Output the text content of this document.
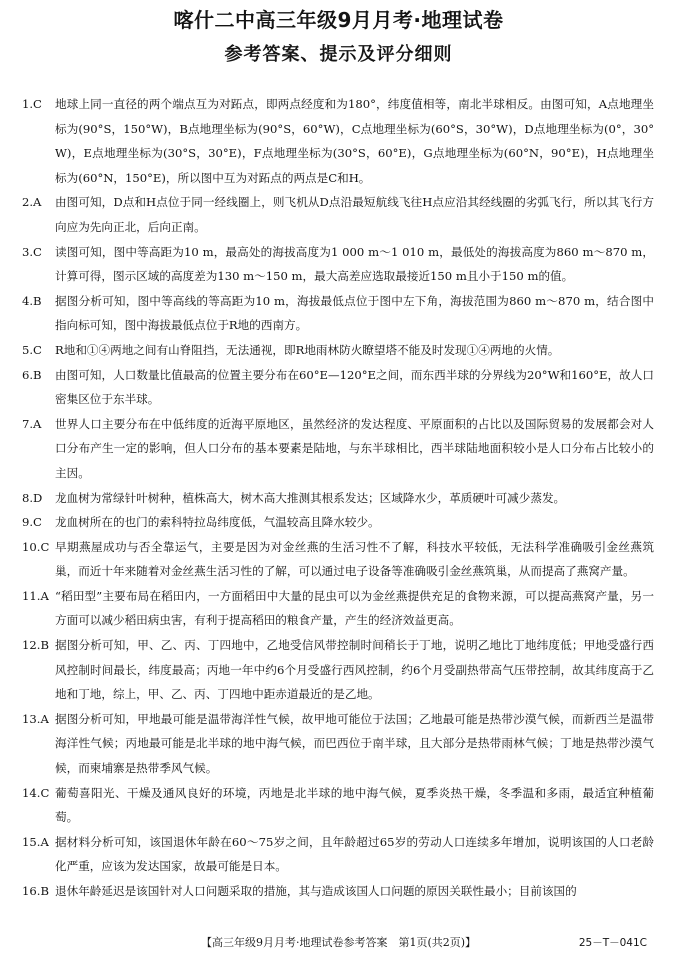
喀什二中高三年级9月月考·地理试卷
参考答案、提示及评分细则
1.C 地球上同一直径的两个端点互为对跖点，即两点经度和为180°，纬度值相等，南北半球相反。由图可知，A点地理坐标为(90°S，150°W)，B点地理坐标为(90°S，60°W)，C点地理坐标为(60°S，30°W)，D点地理坐标为(0°，30°W)，E点地理坐标为(30°S，30°E)，F点地理坐标为(30°S，60°E)，G点地理坐标为(60°N，90°E)，H点地理坐标为(60°N，150°E)，所以图中互为对跖点的两点是C和H。
2.A 由图可知，D点和H点位于同一经线圈上，则飞机从D点沿最短航线飞往H点应沿其经线圈的劣弧飞行，所以其飞行方向应为先向正北，后向正南。
3.C 读图可知，图中等高距为10 m，最高处的海拔高度为1 000 m～1 010 m，最低处的海拔高度为860 m～870 m，计算可得，图示区域的高度差为130 m～150 m，最大高差应选取最接近150 m且小于150 m的值。
4.B 据图分析可知，图中等高线的等高距为10 m，海拔最低点位于图中左下角，海拔范围为860 m～870 m，结合图中指向标可知，图中海拔最低点位于R地的西南方。
5.C R地和①④两地之间有山脊阻挡，无法通视，即R地雨林防火瞭望塔不能及时发现①④两地的火情。
6.B 由图可知，人口数量比值最高的位置主要分布在60°E—120°E之间，而东西半球的分界线为20°W和160°E，故人口密集区位于东半球。
7.A 世界人口主要分布在中低纬度的近海平原地区，虽然经济的发达程度、平原面积的占比以及国际贸易的发展都会对人口分布产生一定的影响，但人口分布的基本要素是陆地，与东半球相比，西半球陆地面积较小是人口分布占比较小的主因。
8.D 龙血树为常绿针叶树种，植株高大，树木高大推测其根系发达；区域降水少，革质硬叶可减少蒸发。
9.C 龙血树所在的也门的索科特拉岛纬度低，气温较高且降水较少。
10.C 早期燕屋成功与否全靠运气，主要是因为对金丝燕的生活习性不了解，科技水平较低，无法科学准确吸引金丝燕筑巢，而近十年来随着对金丝燕生活习性的了解，可以通过电子设备等准确吸引金丝燕筑巢，从而提高了燕窝产量。
11.A “稻田型”主要布局在稻田内，一方面稻田中大量的昆虫可以为金丝燕提供充足的食物来源，可以提高燕窝产量，另一方面可以减少稻田病虫害，有利于提高稻田的粮食产量，产生的经济效益更高。
12.B 据图分析可知，甲、乙、丙、丁四地中，乙地受信风带控制时间稍长于丁地，说明乙地比丁地纬度低；甲地受盛行西风控制时间最长，纬度最高；丙地一年中约6个月受盛行西风控制，约6个月受副热带高气压带控制，故其纬度高于乙地和丁地，综上，甲、乙、丙、丁四地中距赤道最近的是乙地。
13.A 据图分析可知，甲地最可能是温带海洋性气候，故甲地可能位于法国；乙地最可能是热带沙漠气候，而新西兰是温带海洋性气候；丙地最可能是北半球的地中海气候，而巴西位于南半球，且大部分是热带雨林气候；丁地是热带沙漠气候，而柬埔寨是热带季风气候。
14.C 葡萄喜阳光、干燥及通风良好的环境，丙地是北半球的地中海气候，夏季炎热干燥，冬季温和多雨，最适宜种植葡萄。
15.A 据材料分析可知，该国退休年龄在60～75岁之间，且年龄超过65岁的劳动人口连续多年增加，说明该国的人口老龄化严重，应该为发达国家，故最可能是日本。
16.B 退休年龄延迟是该国针对人口问题采取的措施，其与造成该国人口问题的原因关联性最小；目前该国的
【高三年级9月月考·地理试卷参考答案　第1页(共2页)】	25－T－041C
